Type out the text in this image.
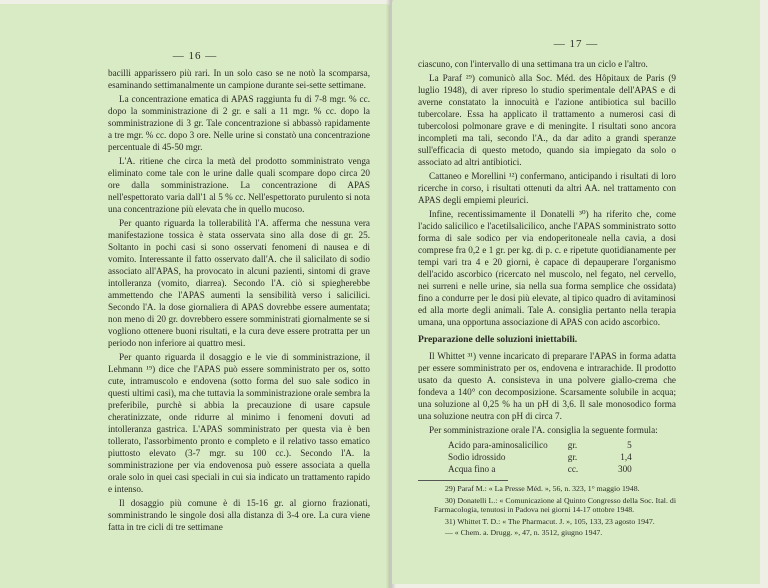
— 16 —

bacilli apparissero più rari. In un solo caso se ne notò la scomparsa, esaminando settimanalmente un campione durante sei-sette settimane.

La concentrazione ematica di APAS raggiunta fu di 7-8 mgr. % cc. dopo la somministrazione di 2 gr. e sali a 11 mgr. % cc. dopo la somministrazione di 3 gr. Tale concentrazione si abbassò rapidamente a tre mgr. % cc. dopo 3 ore. Nelle urine si constatò una concentrazione percentuale di 45-50 mgr.

L'A. ritiene che circa la metà del prodotto somministrato venga eliminato come tale con le urine dalle quali scompare dopo circa 20 ore dalla somministrazione. La concentrazione di APAS nell'espettorato varia dall'1 al 5 % cc. Nell'espettorato purulento si nota una concentrazione più elevata che in quello mucoso.

Per quanto riguarda la tollerabilità l'A. afferma che nessuna vera manifestazione tossica è stata osservata sino alla dose di gr. 25. Soltanto in pochi casi si sono osservati fenomeni di nausea e di vomito. Interessante il fatto osservato dall'A. che il salicilato di sodio associato all'APAS, ha provocato in alcuni pazienti, sintomi di grave intolleranza (vomito, diarrea). Secondo l'A. ciò si spiegherebbe ammettendo che l'APAS aumenti la sensibilità verso i salicilici. Secondo l'A. la dose giornaliera di APAS dovrebbe essere aumentata; non meno di 20 gr. dovrebbero essere somministrati giornalmente se si vogliono ottenere buoni risultati, e la cura deve essere protratta per un periodo non inferiore ai quattro mesi.

Per quanto riguarda il dosaggio e le vie di somministrazione, il Lehmann ¹⁹) dice che l'APAS può essere somministrato per os, sotto cute, intramuscolo e endovena (sotto forma del suo sale sodico in questi ultimi casi), ma che tuttavia la somministrazione orale sembra la preferibile, purchè si abbia la precauzione di usare capsule cheratinizzate, onde ridurre al minimo i fenomeni dovuti ad intolleranza gastrica. L'APAS somministrato per questa via è ben tollerato, l'assorbimento pronto e completo e il relativo tasso ematico piuttosto elevato (3-7 mgr. su 100 cc.). Secondo l'A. la somministrazione per via endovenosa può essere associata a quella orale solo in quei casi speciali in cui sia indicato un trattamento rapido e intenso.

Il dosaggio più comune è di 15-16 gr. al giorno frazionati, somministrando le singole dosi alla distanza di 3-4 ore. La cura viene fatta in tre cicli di tre settimane

— 17 —

ciascuno, con l'intervallo di una settimana tra un ciclo e l'altro.

La Paraf ²⁹) comunicò alla Soc. Méd. des Hôpitaux de Paris (9 luglio 1948), di aver ripreso lo studio sperimentale dell'APAS e di averne constatato la innocuità e l'azione antibiotica sul bacillo tubercolare. Essa ha applicato il trattamento a numerosi casi di tubercolosi polmonare grave e di meningite. I risultati sono ancora incompleti ma tali, secondo l'A., da dar adito a grandi speranze sull'efficacia di questo metodo, quando sia impiegato da solo o associato ad altri antibiotici.

Cattaneo e Morellini ¹²) confermano, anticipando i risultati di loro ricerche in corso, i risultati ottenuti da altri AA. nel trattamento con APAS degli empiemi pleurici.

Infine, recentissimamente il Donatelli ³⁰) ha riferito che, come l'acido salicilico e l'acetilsalicilico, anche l'APAS somministrato sotto forma di sale sodico per via endoperitoneale nella cavia, a dosi comprese fra 0,2 e 1 gr. per kg. di p. c. e ripetute quotidianamente per tempi vari tra 4 e 20 giorni, è capace di depauperare l'organismo dell'acido ascorbico (ricercato nel muscolo, nel fegato, nel cervello, nei surreni e nelle urine, sia nella sua forma semplice che ossidata) fino a condurre per le dosi più elevate, al tipico quadro di avitaminosi ed alla morte degli animali. Tale A. consiglia pertanto nella terapia umana, una opportuna associazione di APAS con acido ascorbico.

Preparazione delle soluzioni iniettabili.

Il Whittet ³¹) venne incaricato di preparare l'APAS in forma adatta per essere somministrato per os, endovena e intrarachide. Il prodotto usato da questo A. consisteva in una polvere giallo-crema che fondeva a 140° con decomposizione. Scarsamente solubile in acqua; una soluzione al 0,25 % ha un pH di 3,6. Il sale monosodico forma una soluzione neutra con pH di circa 7.

Per somministrazione orale l'A. consiglia la seguente formula:

Acido para-aminosalicilico	gr.	5
Sodio idrossido	gr.	1,4
Acqua fino a	cc.	300

29) Paraf M.: « La Presse Méd. », 56, n. 323, 1° maggio 1948.

30) Donatelli L.: « Comunicazione al Quinto Congresso della Soc. Ital. di Farmacologia, tenutosi in Padova nei giorni 14-17 ottobre 1948.

31) Whittet T. D.: « The Pharmacut. J. », 105, 133, 23 agosto 1947.

— « Chem. a. Drugg. », 47, n. 3512, giugno 1947.
